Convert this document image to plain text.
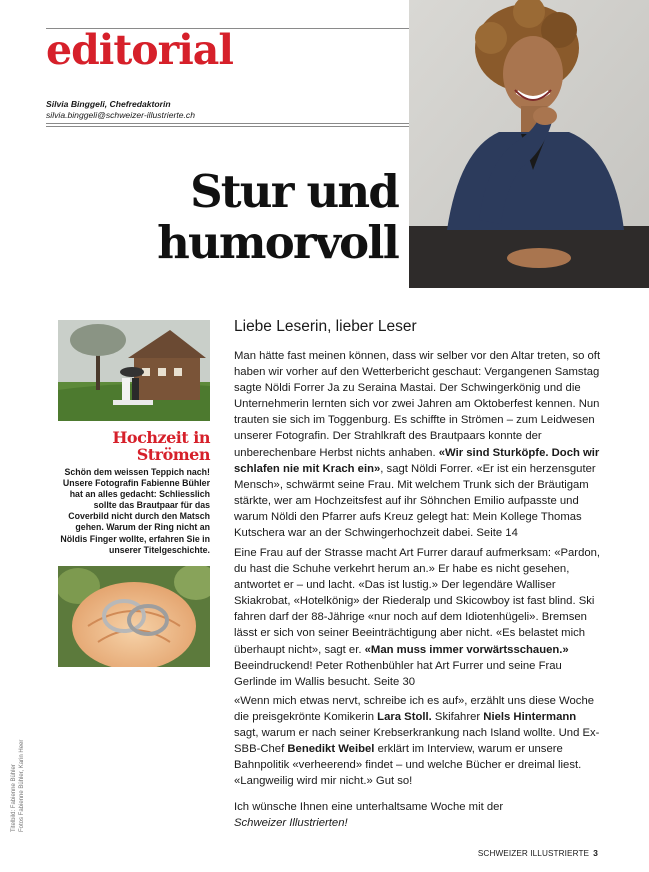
editorial
Silvia Binggeli, Chefredaktorin
silvia.binggeli@schweizer-illustrierte.ch
Stur und
humorvoll
Hochzeit in
Strömen
Schön dem weissen Teppich nach! Unsere Fotografin Fabienne Bühler hat an alles gedacht: Schliesslich sollte das Brautpaar für das Coverbild nicht durch den Matsch gehen. Warum der Ring nicht an Nöldis Finger wollte, erfahren Sie in unserer Titelgeschichte.
Titelbild: Fabienne Bühler Fotos Fabienne Bühler, Karin Heer
Liebe Leserin, lieber Leser

Man hätte fast meinen können, dass wir selber vor den Altar treten, so oft haben wir vorher auf den Wetterbericht geschaut: Vergangenen Samstag sagte Nöldi Forrer Ja zu Seraina Mastai. Der Schwingerkönig und die Unternehmerin lernten sich vor zwei Jahren am Oktoberfest kennen. Nun trauten sie sich im Toggenburg. Es schiffte in Strömen – zum Leidwesen unserer Fotografin. Der Strahlkraft des Brautpaars konnte der unberechenbare Herbst nichts anhaben. «Wir sind Sturköpfe. Doch wir schlafen nie mit Krach ein», sagt Nöldi Forrer. «Er ist ein herzensguter Mensch», schwärmt seine Frau. Mit welchem Trunk sich der Bräutigam stärkte, wer am Hochzeitsfest auf ihr Söhnchen Emilio aufpasste und warum Nöldi den Pfarrer aufs Kreuz gelegt hat: Mein Kollege Thomas Kutschera war an der Schwingerhochzeit dabei. Seite 14

Eine Frau auf der Strasse macht Art Furrer darauf aufmerksam: «Pardon, du hast die Schuhe verkehrt herum an.» Er habe es nicht gesehen, antwortet er – und lacht. «Das ist lustig.» Der legendäre Walliser Skiakrobat, «Hotelkönig» der Riederalp und Skicowboy ist fast blind. Ski fahren darf der 88-Jährige «nur noch auf dem Idiotenhügeli». Bremsen lässt er sich von seiner Beeinträchtigung aber nicht. «Es belastet mich überhaupt nicht», sagt er. «Man muss immer vorwärtsschauen.» Beeindruckend! Peter Rothenbühler hat Art Furrer und seine Frau Gerlinde im Wallis besucht. Seite 30

«Wenn mich etwas nervt, schreibe ich es auf», erzählt uns diese Woche die preisgekrönte Komikerin Lara Stoll. Skifahrer Niels Hintermann sagt, warum er nach seiner Krebserkrankung nach Island wollte. Und Ex-SBB-Chef Benedikt Weibel erklärt im Interview, warum er unsere Bahnpolitik «verheerend» findet – und welche Bücher er dreimal liest. «Langweilig wird mir nicht.» Gut so!

Ich wünsche Ihnen eine unterhaltsame Woche mit der
Schweizer Illustrierten!

SCHWEIZER ILLUSTRIERTE 3
